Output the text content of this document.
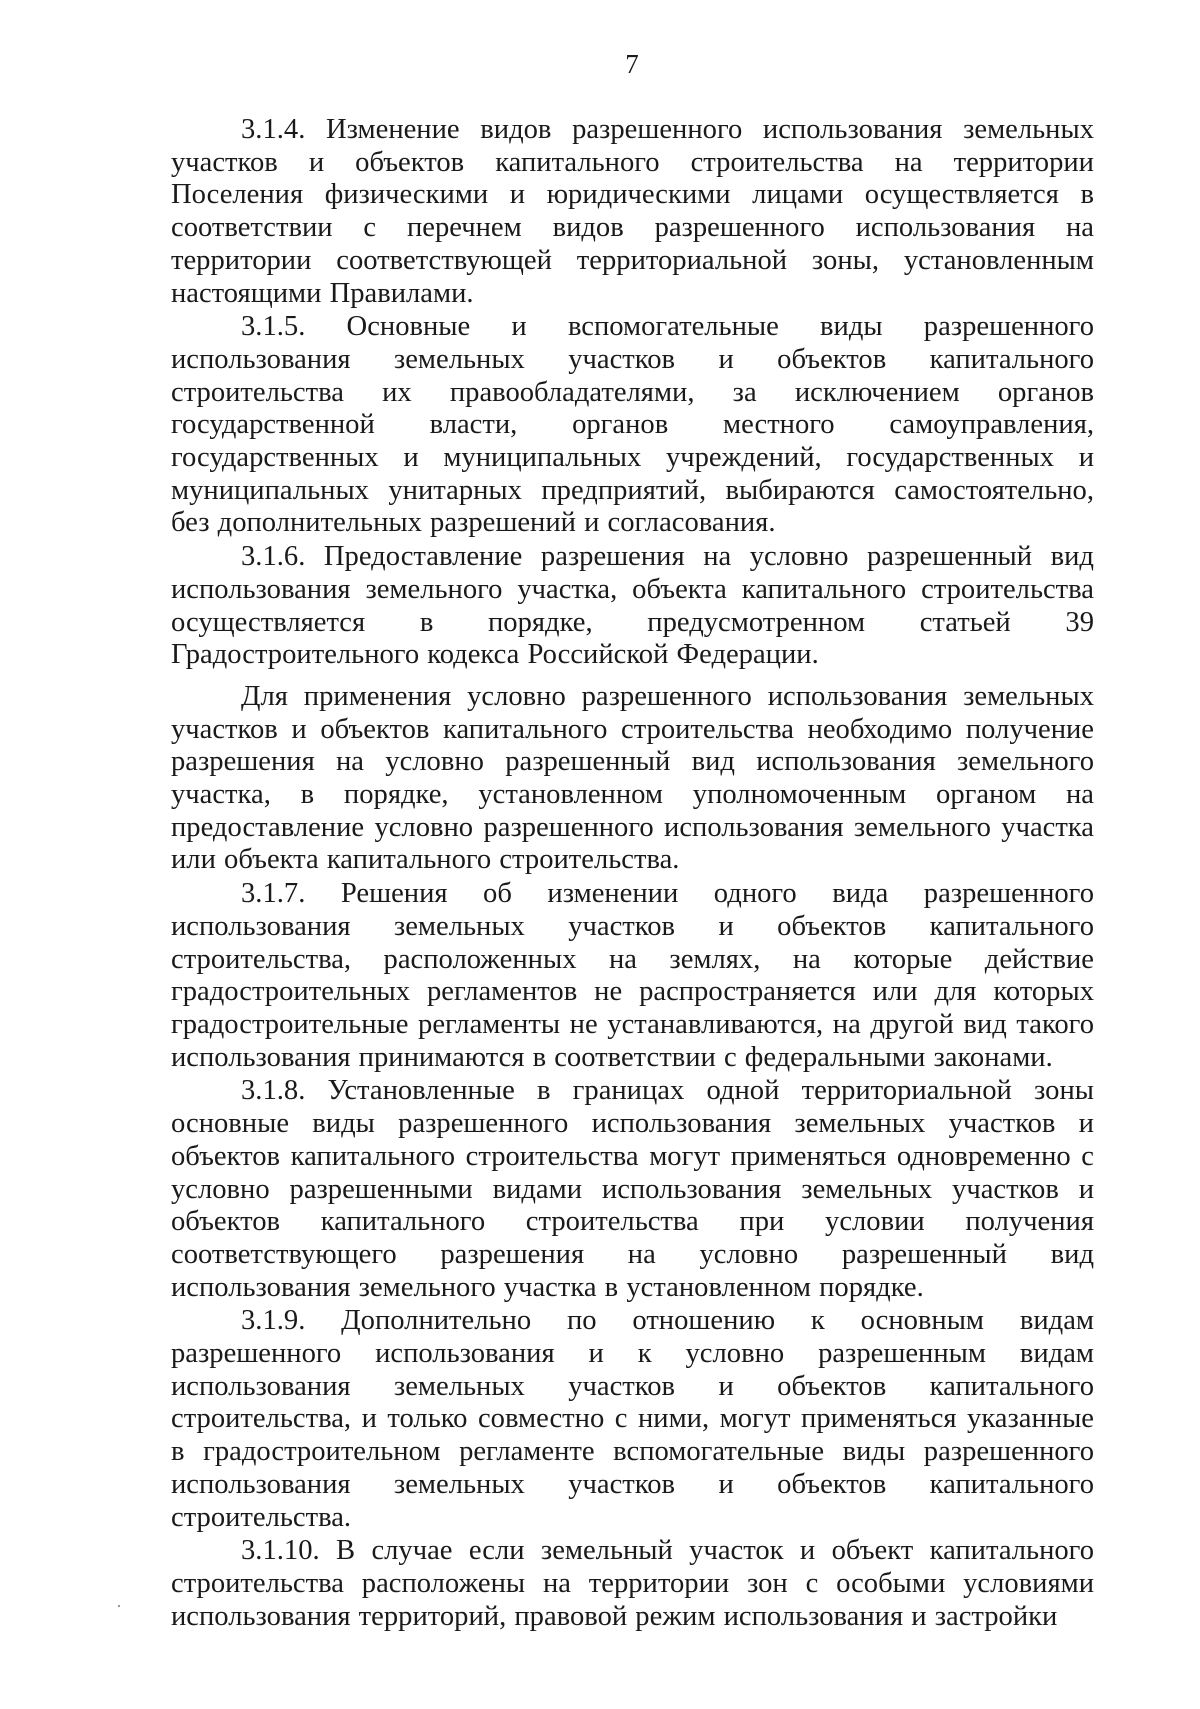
7

3.1.4. Изменение видов разрешенного использования земельных участков и объектов капитального строительства на территории Поселения физическими и юридическими лицами осуществляется в соответствии с перечнем видов разрешенного использования на территории соответствующей территориальной зоны, установленным настоящими Правилами.

3.1.5. Основные и вспомогательные виды разрешенного использования земельных участков и объектов капитального строительства их правообладателями, за исключением органов государственной власти, органов местного самоуправления, государственных и муниципальных учреждений, государственных и муниципальных унитарных предприятий, выбираются самостоятельно, без дополнительных разрешений и согласования.

3.1.6. Предоставление разрешения на условно разрешенный вид использования земельного участка, объекта капитального строительства осуществляется в порядке, предусмотренном статьей 39 Градостроительного кодекса Российской Федерации.

Для применения условно разрешенного использования земельных участков и объектов капитального строительства необходимо получение разрешения на условно разрешенный вид использования земельного участка, в порядке, установленном уполномоченным органом на предоставление условно разрешенного использования земельного участка или объекта капитального строительства.

3.1.7. Решения об изменении одного вида разрешенного использования земельных участков и объектов капитального строительства, расположенных на землях, на которые действие градостроительных регламентов не распространяется или для которых градостроительные регламенты не устанавливаются, на другой вид такого использования принимаются в соответствии с федеральными законами.

3.1.8. Установленные в границах одной территориальной зоны основные виды разрешенного использования земельных участков и объектов капитального строительства могут применяться одновременно с условно разрешенными видами использования земельных участков и объектов капитального строительства при условии получения соответствующего разрешения на условно разрешенный вид использования земельного участка в установленном порядке.

3.1.9. Дополнительно по отношению к основным видам разрешенного использования и к условно разрешенным видам использования земельных участков и объектов капитального строительства, и только совместно с ними, могут применяться указанные в градостроительном регламенте вспомогательные виды разрешенного использования земельных участков и объектов капитального строительства.

3.1.10. В случае если земельный участок и объект капитального строительства расположены на территории зон с особыми условиями использования территорий, правовой режим использования и застройки
